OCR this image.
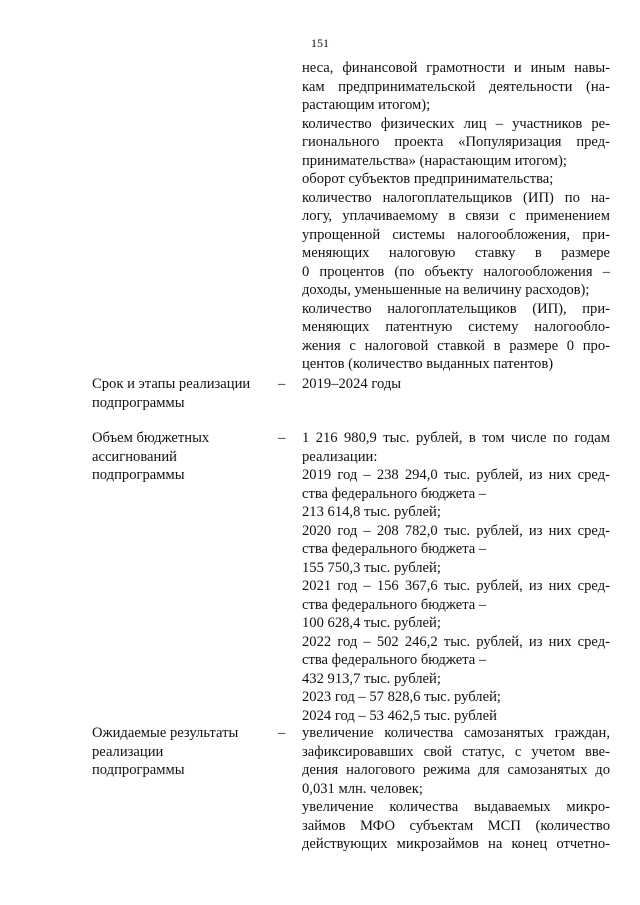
151
неса, финансовой грамотности и иным навы-
кам предпринимательской деятельности (на-
растающим итогом);
количество физических лиц – участников ре-
гионального проекта «Популяризация пред-
принимательства» (нарастающим итогом);
оборот субъектов предпринимательства;
количество налогоплательщиков (ИП) по на-
логу, уплачиваемому в связи с применением
упрощенной системы налогообложения, при-
меняющих налоговую ставку в размере
0 процентов (по объекту налогообложения –
доходы, уменьшенные на величину расходов);
количество налогоплательщиков (ИП), при-
меняющих патентную систему налогообло-
жения с налоговой ставкой в размере 0 про-
центов (количество выданных патентов)
Срок и этапы реализации
подпрограммы
– 2019–2024 годы
Объем бюджетных
ассигнований
подпрограммы
– 1 216 980,9 тыс. рублей, в том числе по годам
реализации:
2019 год – 238 294,0 тыс. рублей, из них сред-
ства федерального бюджета –
213 614,8 тыс. рублей;
2020 год – 208 782,0 тыс. рублей, из них сред-
ства федерального бюджета –
155 750,3 тыс. рублей;
2021 год – 156 367,6 тыс. рублей, из них сред-
ства федерального бюджета –
100 628,4 тыс. рублей;
2022 год – 502 246,2 тыс. рублей, из них сред-
ства федерального бюджета –
432 913,7 тыс. рублей;
2023 год – 57 828,6 тыс. рублей;
2024 год – 53 462,5 тыс. рублей
Ожидаемые результаты
реализации
подпрограммы
– увеличение количества самозанятых граждан,
зафиксировавших свой статус, с учетом вве-
дения налогового режима для самозанятых до
0,031 млн. человек;
увеличение количества выдаваемых микро-
займов МФО субъектам МСП (количество
действующих микрозаймов на конец отчетно-
